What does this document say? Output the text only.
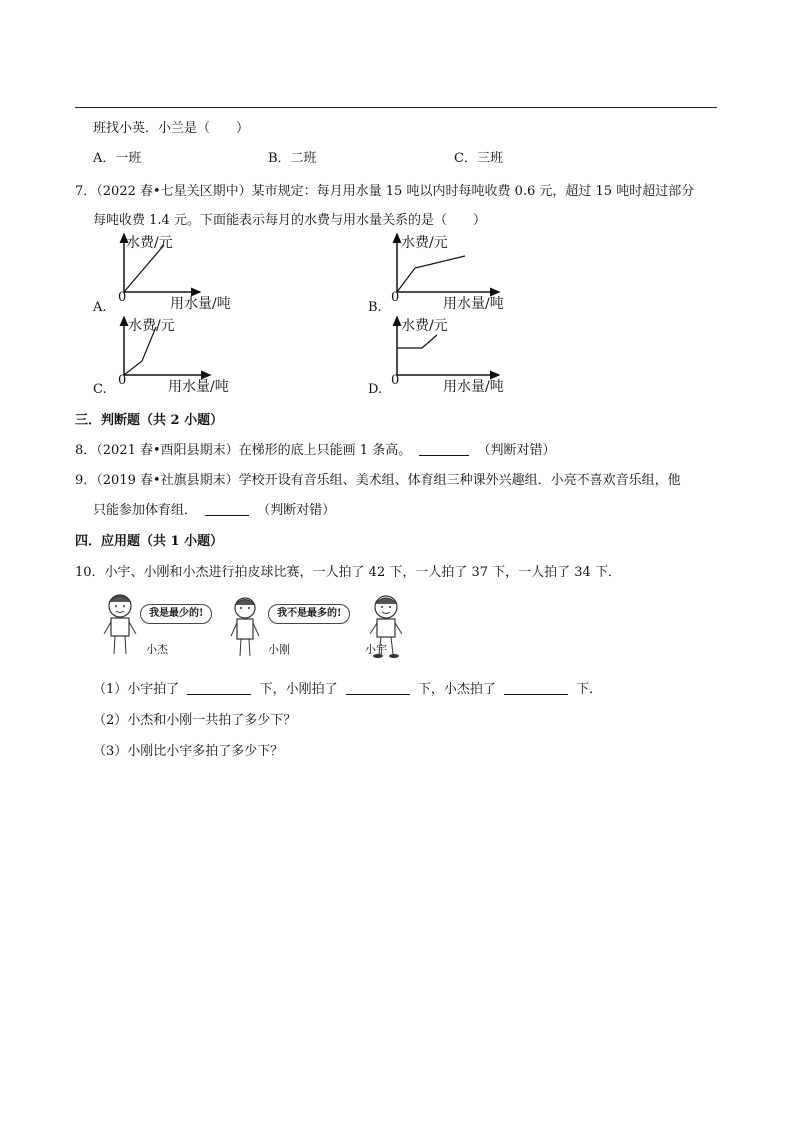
班找小英．小兰是（　　）
A．一班	B．二班	C．三班
7．（2022 春•七星关区期中）某市规定：每月用水量 15 吨以内时每吨收费 0.6 元，超过 15 吨时超过部分
每吨收费 1.4 元。下面能表示每月的水费与用水量关系的是（　　）
A.
水费/元
0	用水量/吨	B.
水费/元
0	用水量/吨
C.
水费/元
0	用水量/吨	D.
水费/元
0	用水量/吨
三．判断题（共 2 小题）
8．（2021 春•酉阳县期末）在梯形的底上只能画 1 条高。	（判断对错）
9．（2019 春•社旗县期末）学校开设有音乐组、美术组、体育组三种课外兴趣组．小亮不喜欢音乐组，他
只能参加体育组．	（判断对错）
四．应用题（共 1 小题）
10．小宇、小刚和小杰进行拍皮球比赛，一人拍了 42 下，一人拍了 37 下，一人拍了 34 下．
我是最少的!
小杰	小刚
我不是最多的!
小宇
（1）小宇拍了	下，小刚拍了	下，小杰拍了	下．
（2）小杰和小刚一共拍了多少下？
（3）小刚比小宇多拍了多少下？
